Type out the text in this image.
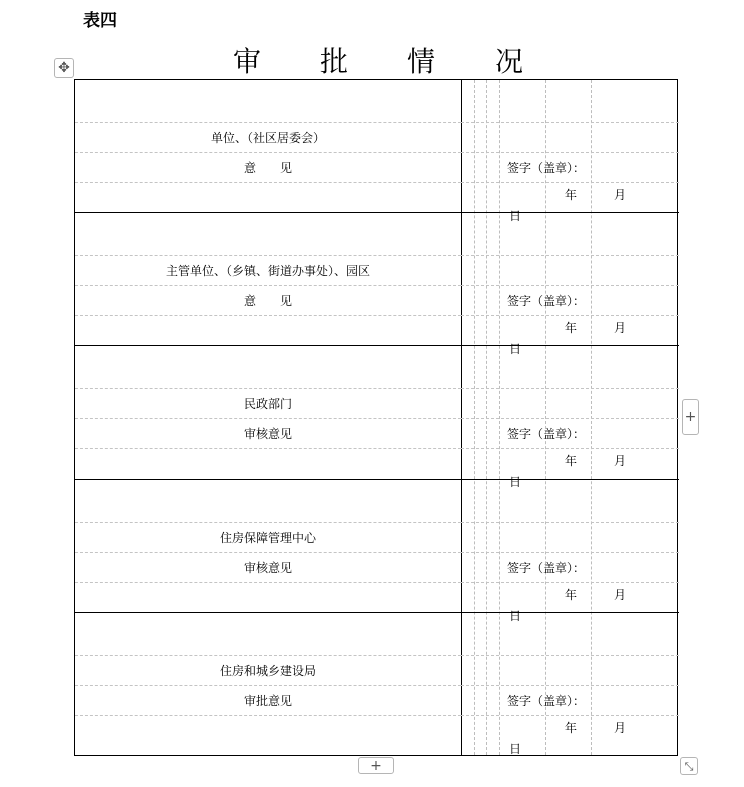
表四
审 批 情 况
✥
单位、（社区居委会）
意　　见	签字（盖章）：
年	月
日
主管单位、（乡镇、街道办事处）、园区
意　　见	签字（盖章）：
年	月
日
民政部门
审核意见	签字（盖章）：
年	月
日
住房保障管理中心
审核意见	签字（盖章）：
年	月
日
住房和城乡建设局
审批意见	签字（盖章）：
年	月
日
+
+	⤡
